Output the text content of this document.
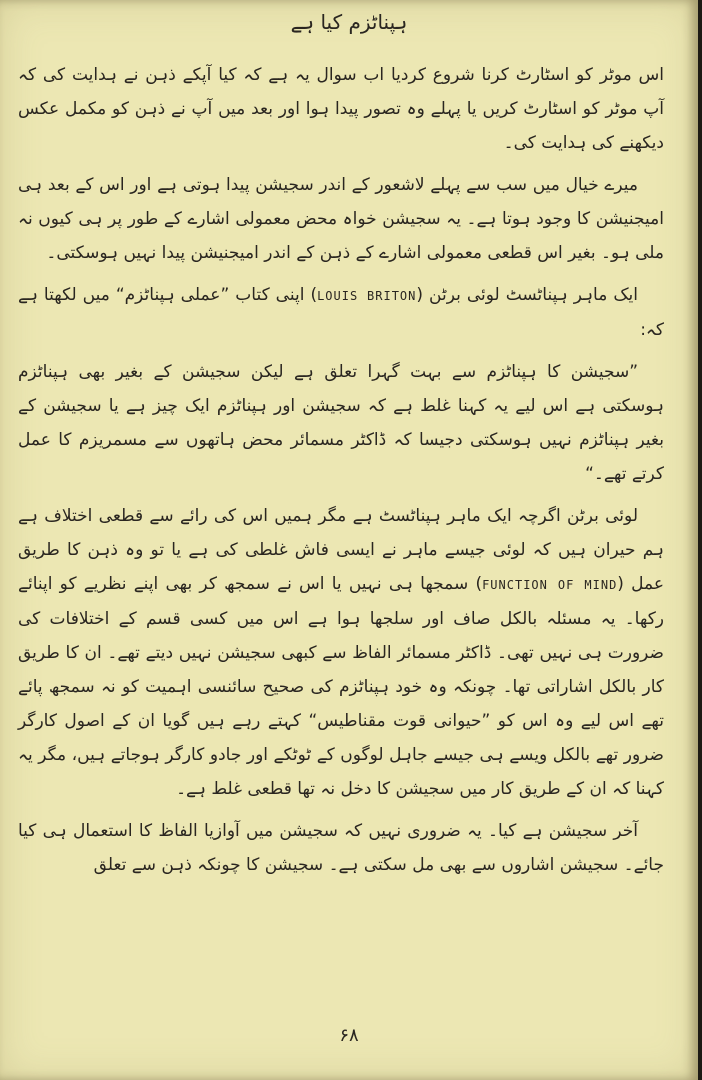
ہپناٹزم کیا ہے

اس موٹر کو اسٹارٹ کرنا شروع کردیا اب سوال یہ ہے کہ کیا آپکے ذہن نے ہدایت کی کہ آپ موٹر کو اسٹارٹ کریں یا پہلے وہ تصور پیدا ہوا اور بعد میں آپ نے ذہن کو مکمل عکس دیکھنے کی ہدایت کی۔

میرے خیال میں سب سے پہلے لاشعور کے اندر سجیشن پیدا ہوتی ہے اور اس کے بعد ہی امیجنیشن کا وجود ہوتا ہے۔ یہ سجیشن خواہ محض معمولی اشارے کے طور پر ہی کیوں نہ ملی ہو۔ بغیر اس قطعی معمولی اشارے کے ذہن کے اندر امیجنیشن پیدا نہیں ہوسکتی۔

ایک ماہر ہپناٹسٹ لوئی برٹن (LOUIS BRITON) اپنی کتاب ”عملی ہپناٹزم“ میں لکھتا ہے کہ:

”سجیشن کا ہپناٹزم سے بہت گہرا تعلق ہے لیکن سجیشن کے بغیر بھی ہپناٹزم ہوسکتی ہے اس لیے یہ کہنا غلط ہے کہ سجیشن اور ہپناٹزم ایک چیز ہے یا سجیشن کے بغیر ہپناٹزم نہیں ہوسکتی دجیسا کہ ڈاکٹر مسمائر محض ہاتھوں سے مسمریزم کا عمل کرتے تھے۔“

لوئی برٹن اگرچہ ایک ماہر ہپناٹسٹ ہے مگر ہمیں اس کی رائے سے قطعی اختلاف ہے ہم حیران ہیں کہ لوئی جیسے ماہر نے ایسی فاش غلطی کی ہے یا تو وہ ذہن کا طریق عمل (FUNCTION OF MIND) سمجھا ہی نہیں یا اس نے سمجھ کر بھی اپنے نظریے کو اپنائے رکھا۔ یہ مسئلہ بالکل صاف اور سلجھا ہوا ہے اس میں کسی قسم کے اختلافات کی ضرورت ہی نہیں تھی۔ ڈاکٹر مسمائر الفاظ سے کبھی سجیشن نہیں دیتے تھے۔ ان کا طریق کار بالکل اشاراتی تھا۔ چونکہ وہ خود ہپناٹزم کی صحیح سائنسی اہمیت کو نہ سمجھ پائے تھے اس لیے وہ اس کو ”حیوانی قوت مقناطیس“ کہتے رہے ہیں گویا ان کے اصول کارگر ضرور تھے بالکل ویسے ہی جیسے جاہل لوگوں کے ٹوٹکے اور جادو کارگر ہوجاتے ہیں، مگر یہ کہنا کہ ان کے طریق کار میں سجیشن کا دخل نہ تھا قطعی غلط ہے۔

آخر سجیشن ہے کیا۔ یہ ضروری نہیں کہ سجیشن میں آوازیا الفاظ کا استعمال ہی کیا جائے۔ سجیشن اشاروں سے بھی مل سکتی ہے۔ سجیشن کا چونکہ ذہن سے تعلق

۶۸
